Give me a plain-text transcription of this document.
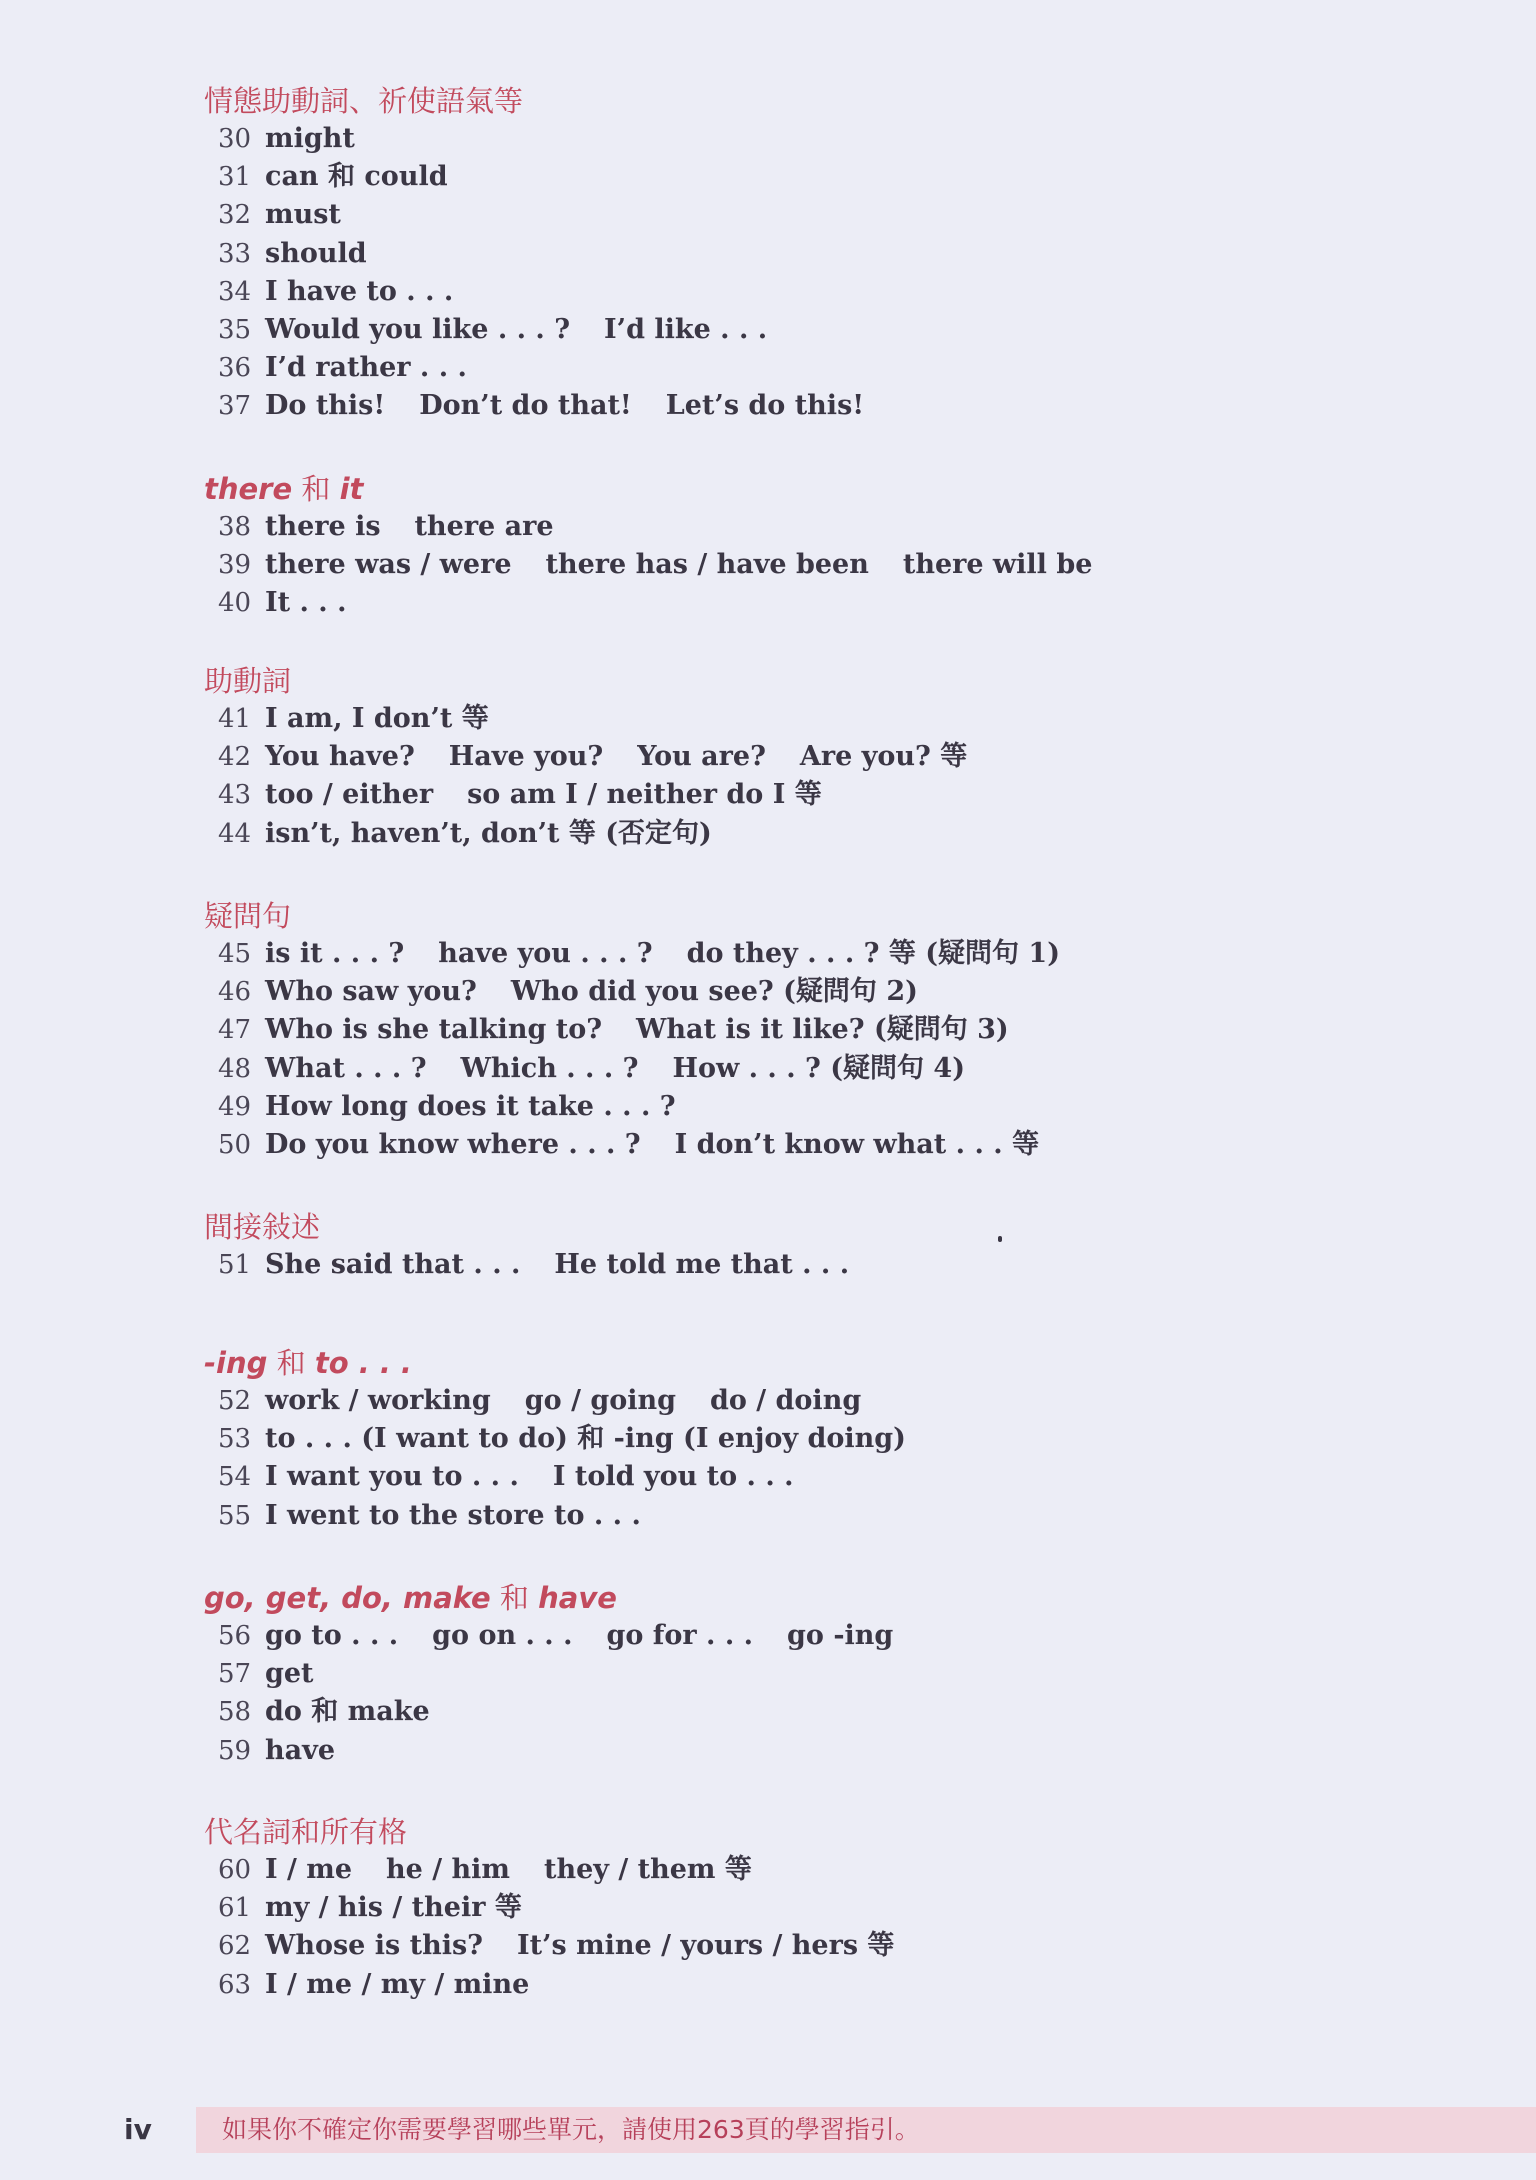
情態助動詞、祈使語氣等
30 might
31 can 和 could
32 must
33 should
34 I have to . . .
35 Would you like . . . ? I’d like . . .
36 I’d rather . . .
37 Do this! Don’t do that! Let’s do this!
there 和 it
38 there is there are
39 there was / were there has / have been there will be
40 It . . .
助動詞
41 I am, I don’t 等
42 You have? Have you? You are? Are you? 等
43 too / either so am I / neither do I 等
44 isn’t, haven’t, don’t 等 (否定句)
疑問句
45 is it . . . ? have you . . . ? do they . . . ? 等 (疑問句 1)
46 Who saw you? Who did you see? (疑問句 2)
47 Who is she talking to? What is it like? (疑問句 3)
48 What . . . ? Which . . . ? How . . . ? (疑問句 4)
49 How long does it take . . . ?
50 Do you know where . . . ? I don’t know what . . . 等
間接敍述
51 She said that . . . He told me that . . .
-ing 和 to . . .
52 work / working go / going do / doing
53 to . . . (I want to do) 和 -ing (I enjoy doing)
54 I want you to . . . I told you to . . .
55 I went to the store to . . .
go, get, do, make 和 have
56 go to . . . go on . . . go for . . . go -ing
57 get
58 do 和 make
59 have
代名詞和所有格
60 I / me he / him they / them 等
61 my / his / their 等
62 Whose is this? It’s mine / yours / hers 等
63 I / me / my / mine
iv	如果你不確定你需要學習哪些單元，請使用263頁的學習指引。
